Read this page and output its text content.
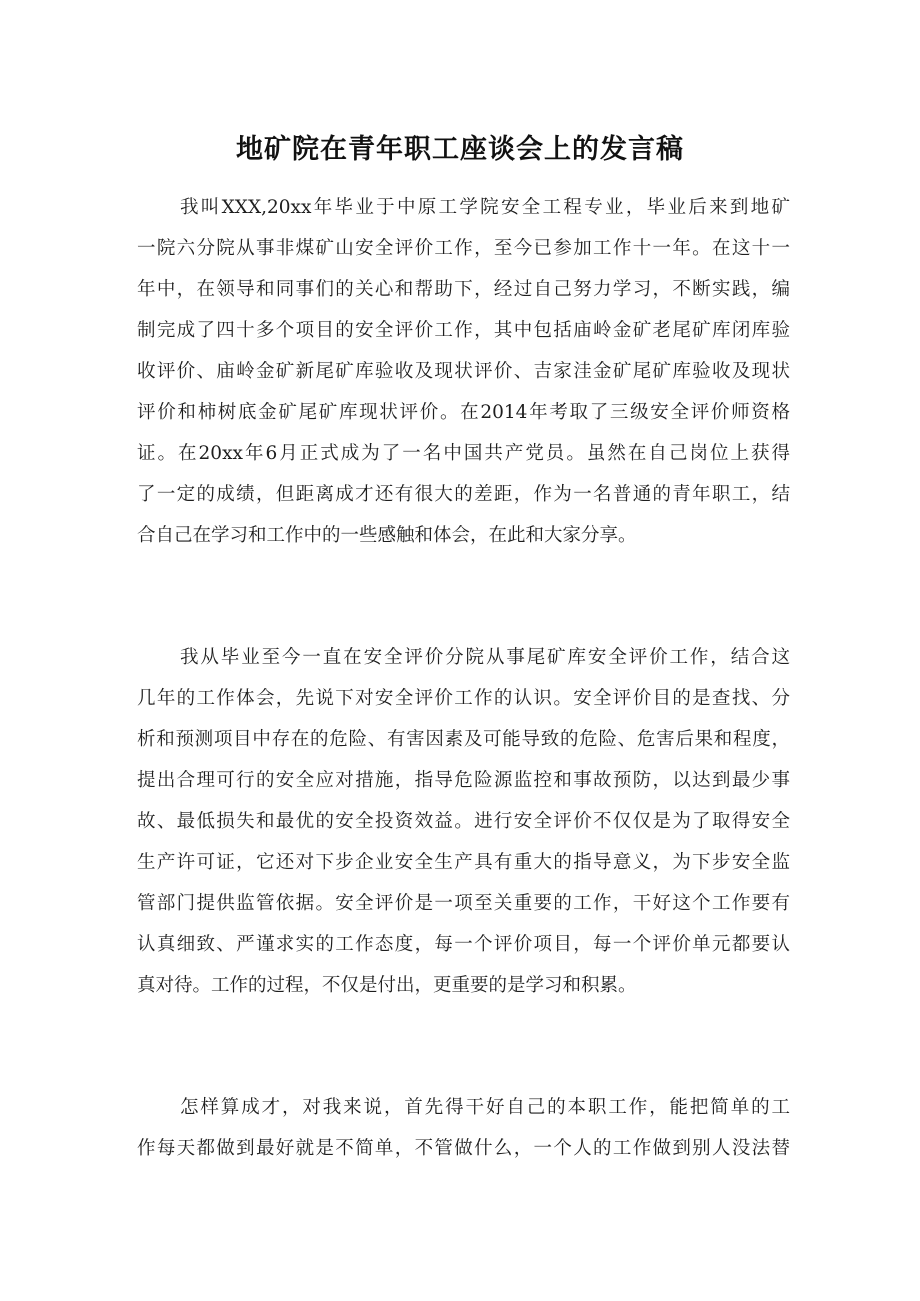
地矿院在青年职工座谈会上的发言稿
我叫XXX,20xx年毕业于中原工学院安全工程专业，毕业后来到地矿
一院六分院从事非煤矿山安全评价工作，至今已参加工作十一年。在这十一
年中，在领导和同事们的关心和帮助下，经过自己努力学习，不断实践，编
制完成了四十多个项目的安全评价工作，其中包括庙岭金矿老尾矿库闭库验
收评价、庙岭金矿新尾矿库验收及现状评价、吉家洼金矿尾矿库验收及现状
评价和柿树底金矿尾矿库现状评价。在2014年考取了三级安全评价师资格
证。在20xx年6月正式成为了一名中国共产党员。虽然在自己岗位上获得
了一定的成绩，但距离成才还有很大的差距，作为一名普通的青年职工，结
合自己在学习和工作中的一些感触和体会，在此和大家分享。
我从毕业至今一直在安全评价分院从事尾矿库安全评价工作，结合这
几年的工作体会，先说下对安全评价工作的认识。安全评价目的是查找、分
析和预测项目中存在的危险、有害因素及可能导致的危险、危害后果和程度，
提出合理可行的安全应对措施，指导危险源监控和事故预防，以达到最少事
故、最低损失和最优的安全投资效益。进行安全评价不仅仅是为了取得安全
生产许可证，它还对下步企业安全生产具有重大的指导意义，为下步安全监
管部门提供监管依据。安全评价是一项至关重要的工作，干好这个工作要有
认真细致、严谨求实的工作态度，每一个评价项目，每一个评价单元都要认
真对待。工作的过程，不仅是付出，更重要的是学习和积累。
怎样算成才，对我来说，首先得干好自己的本职工作，能把简单的工
作每天都做到最好就是不简单，不管做什么，一个人的工作做到别人没法替
